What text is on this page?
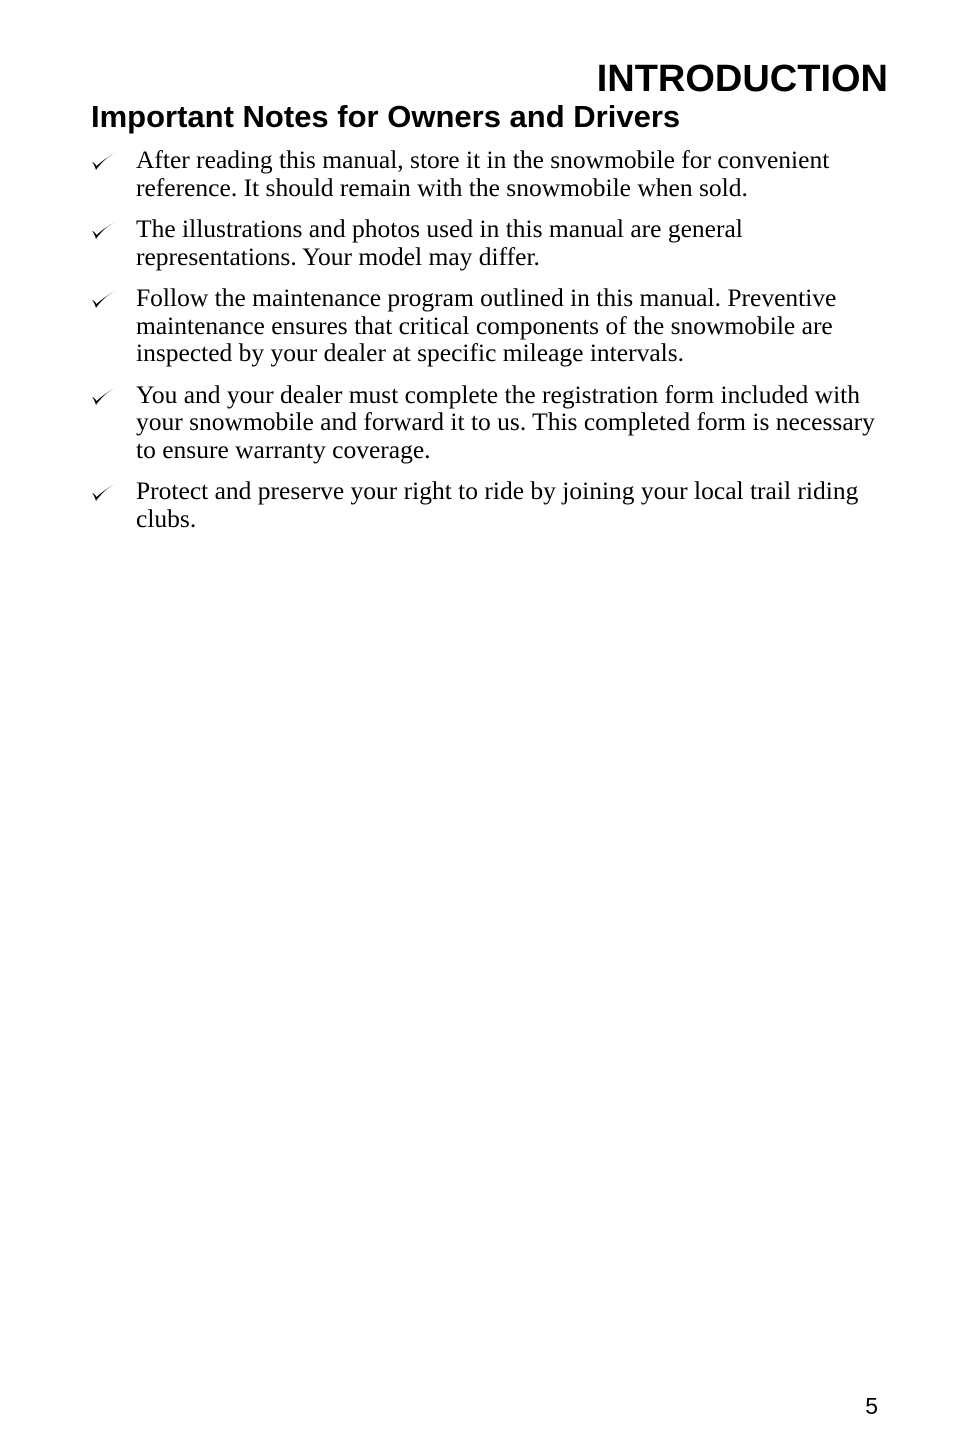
INTRODUCTION
Important Notes for Owners and Drivers
After reading this manual, store it in the snowmobile for convenient reference. It should remain with the snowmobile when sold.
The illustrations and photos used in this manual are general representations. Your model may differ.
Follow the maintenance program outlined in this manual. Preventive maintenance ensures that critical components of the snowmobile are inspected by your dealer at specific mileage intervals.
You and your dealer must complete the registration form included with your snowmobile and forward it to us. This completed form is necessary to ensure warranty coverage.
Protect and preserve your right to ride by joining your local trail riding clubs.

5
